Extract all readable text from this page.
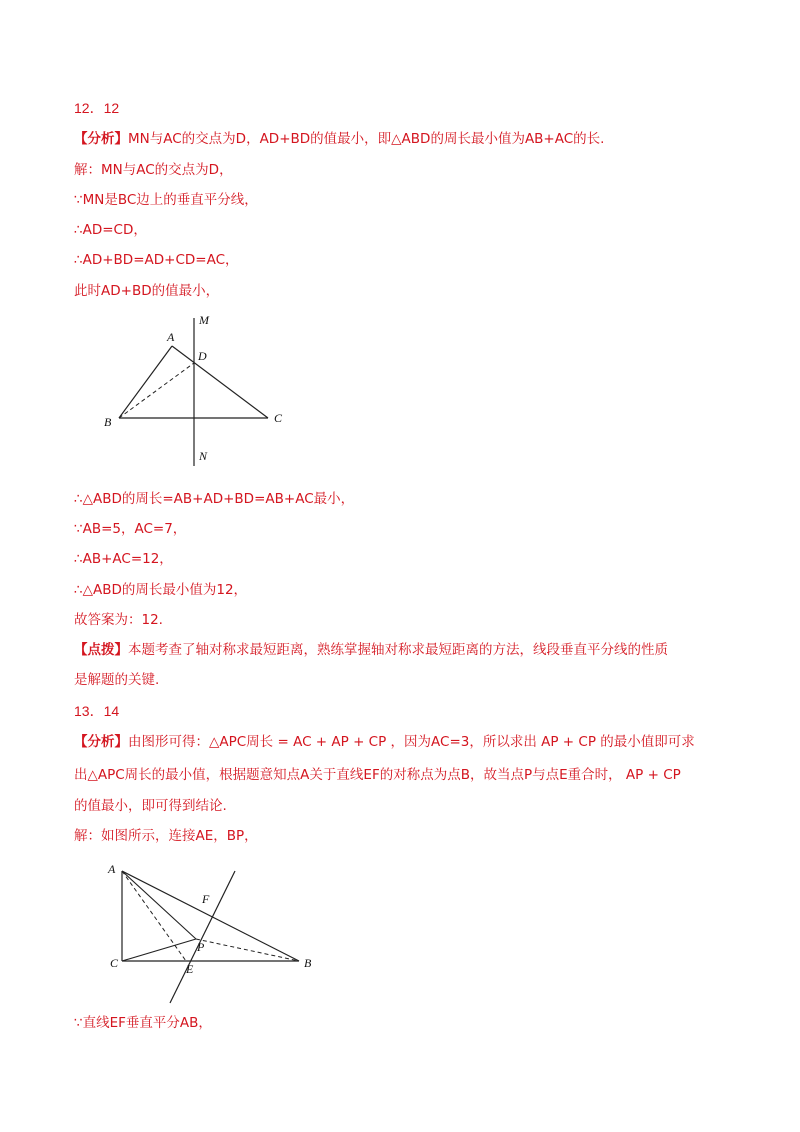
12．12
【分析】MN与AC的交点为D，AD+BD的值最小，即△ABD的周长最小值为AB+AC的长.
解：MN与AC的交点为D，
∵MN是BC边上的垂直平分线，
∴AD=CD，
∴AD+BD=AD+CD=AC，
此时AD+BD的值最小，
A
D
M
B	C
N
∴△ABD的周长=AB+AD+BD=AB+AC最小，
∵AB=5，AC=7，
∴AB+AC=12，
∴△ABD的周长最小值为12，
故答案为：12.
【点拨】本题考查了轴对称求最短距离，熟练掌握轴对称求最短距离的方法，线段垂直平分线的性质
是解题的关键.
13．14
【分析】由图形可得：△APC周长 = AC + AP + CP ，因为AC=3，所以求出 AP + CP 的最小值即可求
出△APC周长的最小值，根据题意知点A关于直线EF的对称点为点B，故当点P与点E重合时， AP + CP
的值最小，即可得到结论.
解：如图所示，连接AE，BP，
A
F
P
C	E	B
∵直线EF垂直平分AB，
